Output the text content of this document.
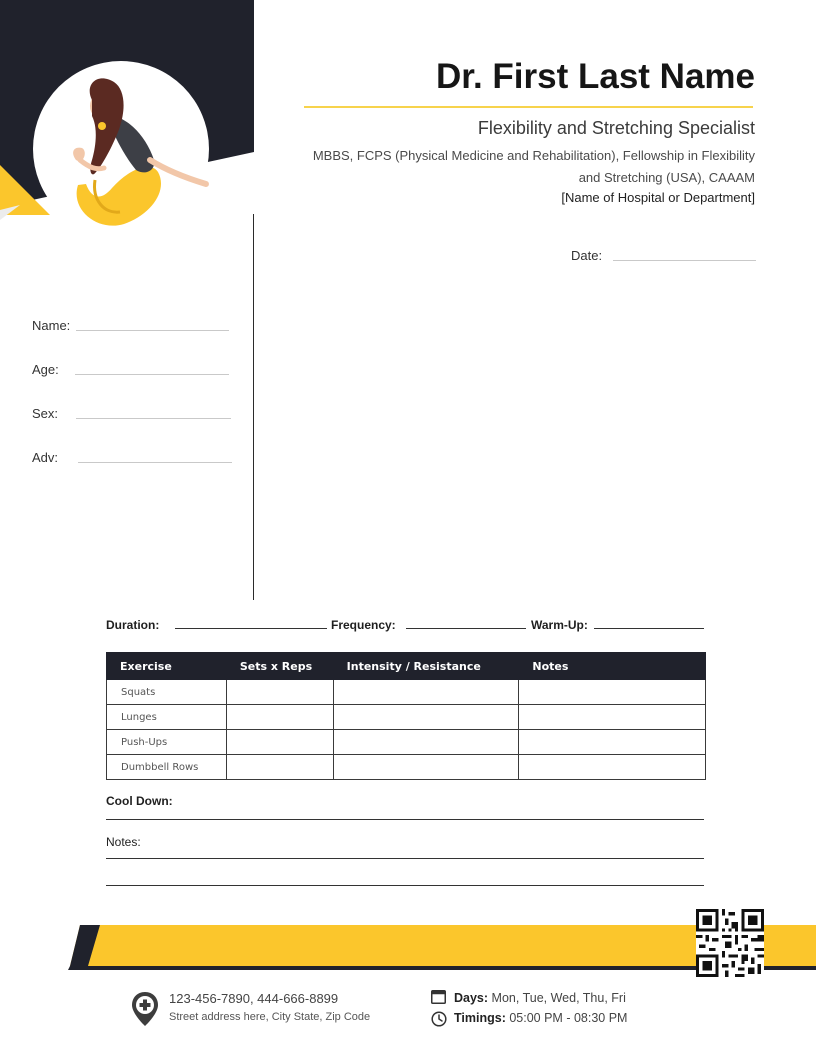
Dr. First Last Name
Flexibility and Stretching Specialist
MBBS, FCPS (Physical Medicine and Rehabilitation), Fellowship in Flexibility
and Stretching (USA), CAAAM
[Name of Hospital or Department]
Date:
Name:
Age:
Sex:
Adv:
Duration:	Frequency:	Warm-Up:
Exercise	Sets x Reps	Intensity / Resistance	Notes
Squats			
Lunges			
Push-Ups			
Dumbbell Rows			
Cool Down:
Notes:
123-456-7890, 444-666-8899
Street address here, City State, Zip Code
Days: Mon, Tue, Wed, Thu, Fri
Timings: 05:00 PM - 08:30 PM
